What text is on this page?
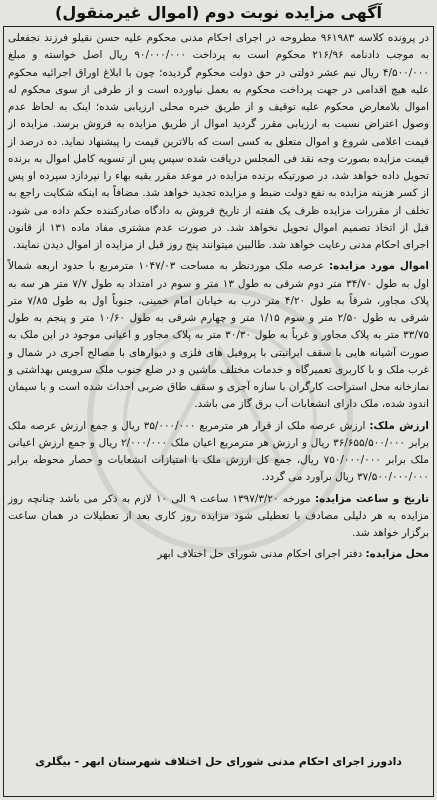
آگهی مزایده نوبت دوم (اموال غیرمنقول)

در پرونده کلاسه ۹۶۱۹۸۳ مطروحه در اجرای احکام مدنی محکوم علیه حسن نقیلو فرزند نجفعلی به موجب دادنامه ۲۱۶/۹۶ محکوم است به پرداخت ۹۰/۰۰۰/۰۰۰ ریال اصل خواسته و مبلغ ۴/۵۰۰/۰۰۰ ریال نیم عشر دولتی در حق دولت محکوم گردیده؛ چون با ابلاغ اوراق اجرائیه محکوم علیه هیچ اقدامی در جهت پرداخت محکوم به بعمل نیاورده است و از طرفی از سوی محکوم له اموال بلامعارض محکوم علیه توقیف و از طریق خبره محلی ارزیابی شده؛ اینک به لحاظ عدم وصول اعتراض نسبت به ارزیابی مقرر گردید اموال از طریق مزایده به فروش برسد. مزایده از قیمت اعلامی شروع و اموال متعلق به کسی است که بالاترین قیمت را پیشنهاد نماید. ده درصد از قیمت مزایده بصورت وجه نقد فی المجلس دریافت شده سپس پس از تسویه کامل اموال به برنده تحویل داده خواهد شد، در صورتیکه برنده مزایده در موعد مقرر بقیه بهاء را نپردازد سپرده او پس از کسر هزینه مزایده به نفع دولت ضبط و مزایده تجدید خواهد شد. مضافاً به اینکه شکایت راجع به تخلف از مقررات مزایده ظرف یک هفته از تاریخ فروش به دادگاه صادرکننده حکم داده می شود، قبل از اتخاذ تصمیم اموال تحویل نخواهد شد. در صورت عدم مشتری مفاد ماده ۱۳۱ از قانون اجرای احکام مدنی رعایت خواهد شد. طالبین میتوانند پنج روز قبل از مزایده از اموال دیدن نمایند.

اموال مورد مزایده: عرصه ملک موردنظر به مساحت ۱۰۴۷/۰۳ مترمربع با حدود اربعه شمالاً اول به طول ۳۴/۷۰ متر دوم شرقی به طول ۱۳ متر و سوم در امتداد به طول ۷/۷ متر هر سه به پلاک مجاور، شرقاً به طول ۴/۲۰ متر درب به خیابان امام خمینی، جنوباً اول به طول ۷/۸۵ متر شرقی به طول ۲/۵۰ متر و سوم ۱/۱۵ متر و چهارم شرقی به طول ۱۰/۶۰ متر و پنجم به طول ۳۳/۷۵ متر به پلاک مجاور و غرباً به طول ۳۰/۳۰ متر به پلاک مجاور و اعیانی موجود در این ملک به صورت آشیانه هایی با سقف ایرانیتی با پروفیل های فلزی و دیوارهای با مصالح آجری در شمال و غرب ملک و با کاربری تعمیرگاه و خدمات مختلف ماشین و در ضلع جنوب ملک سرویس بهداشتی و نمازخانه محل استراحت کارگران با سازه آجری و سقف طاق ضربی احداث شده است و با سیمان اندود شده، ملک دارای انشعابات آب برق گاز می باشد.

ارزش ملک: ارزش عرصه ملک از قرار هر مترمربع ۳۵/۰۰۰/۰۰۰ ریال و جمع ارزش عرصه ملک برابر ۳۶/۶۵۵/۵۰۰/۰۰۰ ریال و ارزش هر مترمربع اعیان ملک ۲/۰۰۰/۰۰۰ ریال و جمع ارزش اعیانی ملک برابر ۷۵۰/۰۰۰/۰۰۰ ریال، جمع کل ارزش ملک با امتیازات انشعابات و حصار محوطه برابر ۳۷/۵۰۰/۰۰۰/۰۰۰ ریال برآورد می گردد.

تاریخ و ساعت مزایده: مورخه ۱۳۹۷/۳/۲۰ ساعت ۹ الی ۱۰ لازم به ذکر می باشد چنانچه روز مزایده به هر دلیلی مصادف با تعطیلی شود مزایده روز کاری بعد از تعطیلات در همان ساعت برگزار خواهد شد.

محل مزایده: دفتر اجرای احکام مدنی شورای حل اختلاف ابهر

دادورز اجرای احکام مدنی شورای حل اختلاف شهرستان ابهر - بیگلری
